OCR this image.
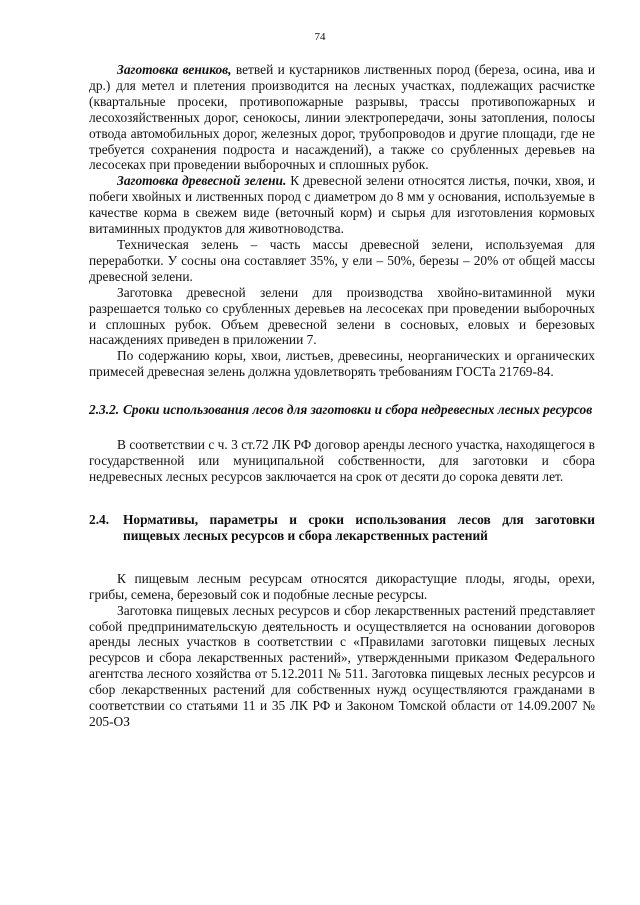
74

Заготовка веников, ветвей и кустарников лиственных пород (береза, осина, ива и др.) для метел и плетения производится на лесных участках, подлежащих расчистке (квартальные просеки, противопожарные разрывы, трассы противопожарных и лесохозяйственных дорог, сенокосы, линии электропередачи, зоны затопления, полосы отвода автомобильных дорог, железных дорог, трубопроводов и другие площади, где не требуется сохранения подроста и насаждений), а также со срубленных деревьев на лесосеках при проведении выборочных и сплошных рубок.

Заготовка древесной зелени. К древесной зелени относятся листья, почки, хвоя, и побеги хвойных и лиственных пород с диаметром до 8 мм у основания, используемые в качестве корма в свежем виде (веточный корм) и сырья для изготовления кормовых витаминных продуктов для животноводства.

Техническая зелень – часть массы древесной зелени, используемая для переработки. У сосны она составляет 35%, у ели – 50%, березы – 20% от общей массы древесной зелени.

Заготовка древесной зелени для производства хвойно-витаминной муки разрешается только со срубленных деревьев на лесосеках при проведении выборочных и сплошных рубок. Объем древесной зелени в сосновых, еловых и березовых насаждениях приведен в приложении 7.

По содержанию коры, хвои, листьев, древесины, неорганических и органических примесей древесная зелень должна удовлетворять требованиям ГОСТа 21769-84.

2.3.2. Сроки использования лесов для заготовки и сбора недревесных лесных ресурсов

В соответствии с ч. 3 ст.72 ЛК РФ договор аренды лесного участка, находящегося в государственной или муниципальной собственности, для заготовки и сбора недревесных лесных ресурсов заключается на срок от десяти до сорока девяти лет.

2.4. Нормативы, параметры и сроки использования лесов для заготовки пищевых лесных ресурсов и сбора лекарственных растений

К пищевым лесным ресурсам относятся дикорастущие плоды, ягоды, орехи, грибы, семена, березовый сок и подобные лесные ресурсы.

Заготовка пищевых лесных ресурсов и сбор лекарственных растений представляет собой предпринимательскую деятельность и осуществляется на основании договоров аренды лесных участков в соответствии с «Правилами заготовки пищевых лесных ресурсов и сбора лекарственных растений», утвержденными приказом Федерального агентства лесного хозяйства от 5.12.2011 № 511. Заготовка пищевых лесных ресурсов и сбор лекарственных растений для собственных нужд осуществляются гражданами в соответствии со статьями 11 и 35 ЛК РФ и Законом Томской области от 14.09.2007 № 205-ОЗ
